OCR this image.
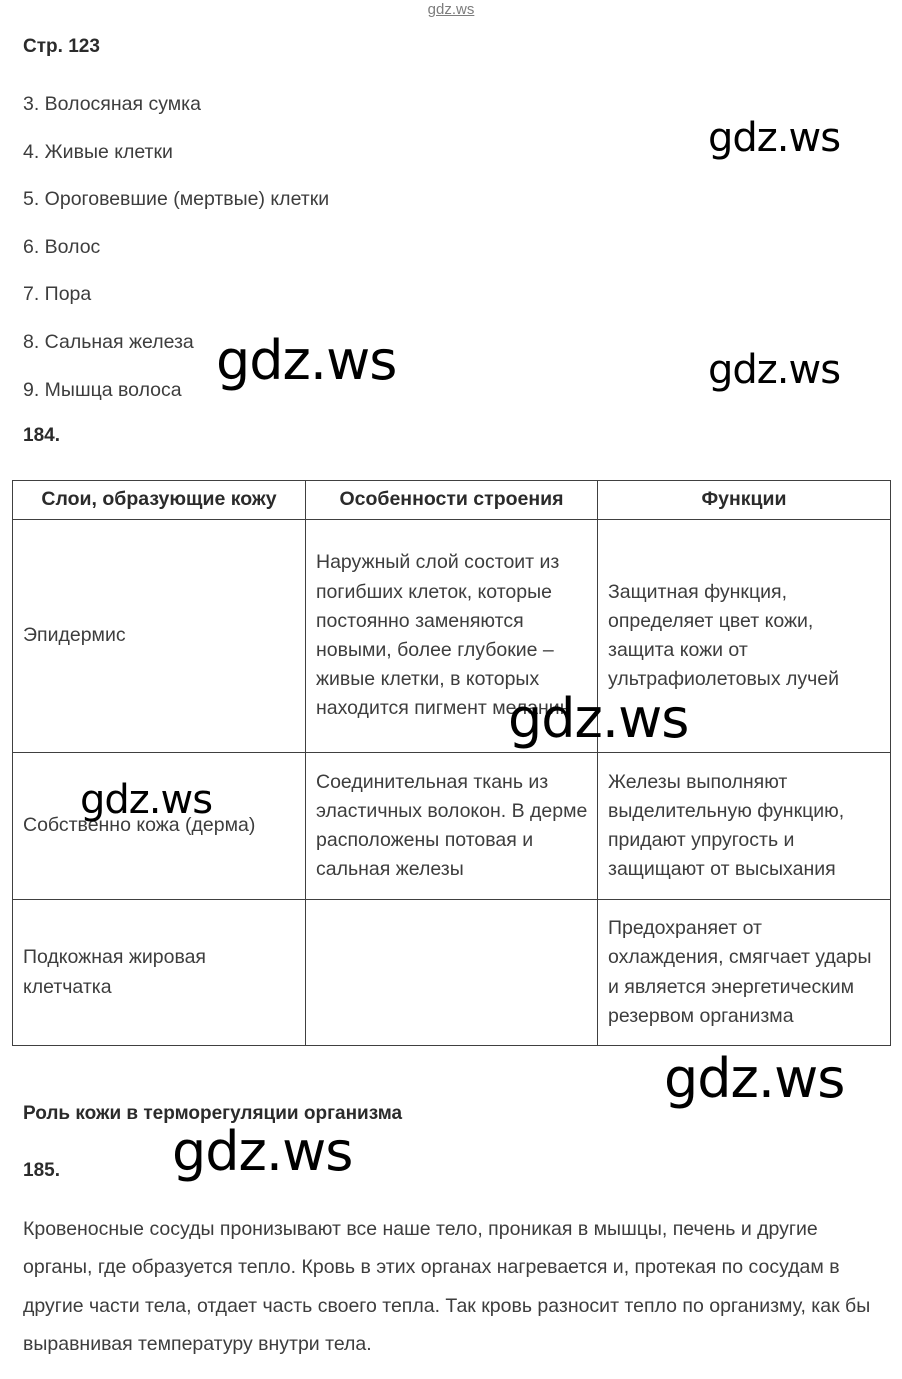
gdz.ws
Стр. 123
3. Волосяная сумка
4. Живые клетки
5. Ороговевшие (мертвые) клетки
6. Волос
7. Пора
8. Сальная железа
9. Мышца волоса
184.
Слои, образующие кожу	Особенности строения	Функции
Эпидермис	Наружный слой состоит из погибших клеток, которые постоянно заменяются новыми, более глубокие – живые клетки, в которых находится пигмент меланин	Защитная функция, определяет цвет кожи, защита кожи от ультрафиолетовых лучей
Собственно кожа (дерма)	Соединительная ткань из эластичных волокон. В дерме расположены потовая и сальная железы	Железы выполняют выделительную функцию, придают упругость и защищают от высыхания
Подкожная жировая клетчатка		Предохраняет от охлаждения, смягчает удары и является энергетическим резервом организма
Роль кожи в терморегуляции организма
185.

Кровеносные сосуды пронизывают все наше тело, проникая в мышцы, печень и другие органы, где образуется тепло. Кровь в этих органах нагревается и, протекая по сосудам в другие части тела, отдает часть своего тепла. Так кровь разносит тепло по организму, как бы выравнивая температуру внутри тела.

gdz.ws
gdz.ws	gdz.ws
gdz.ws
gdz.ws
gdz.ws
gdz.ws
